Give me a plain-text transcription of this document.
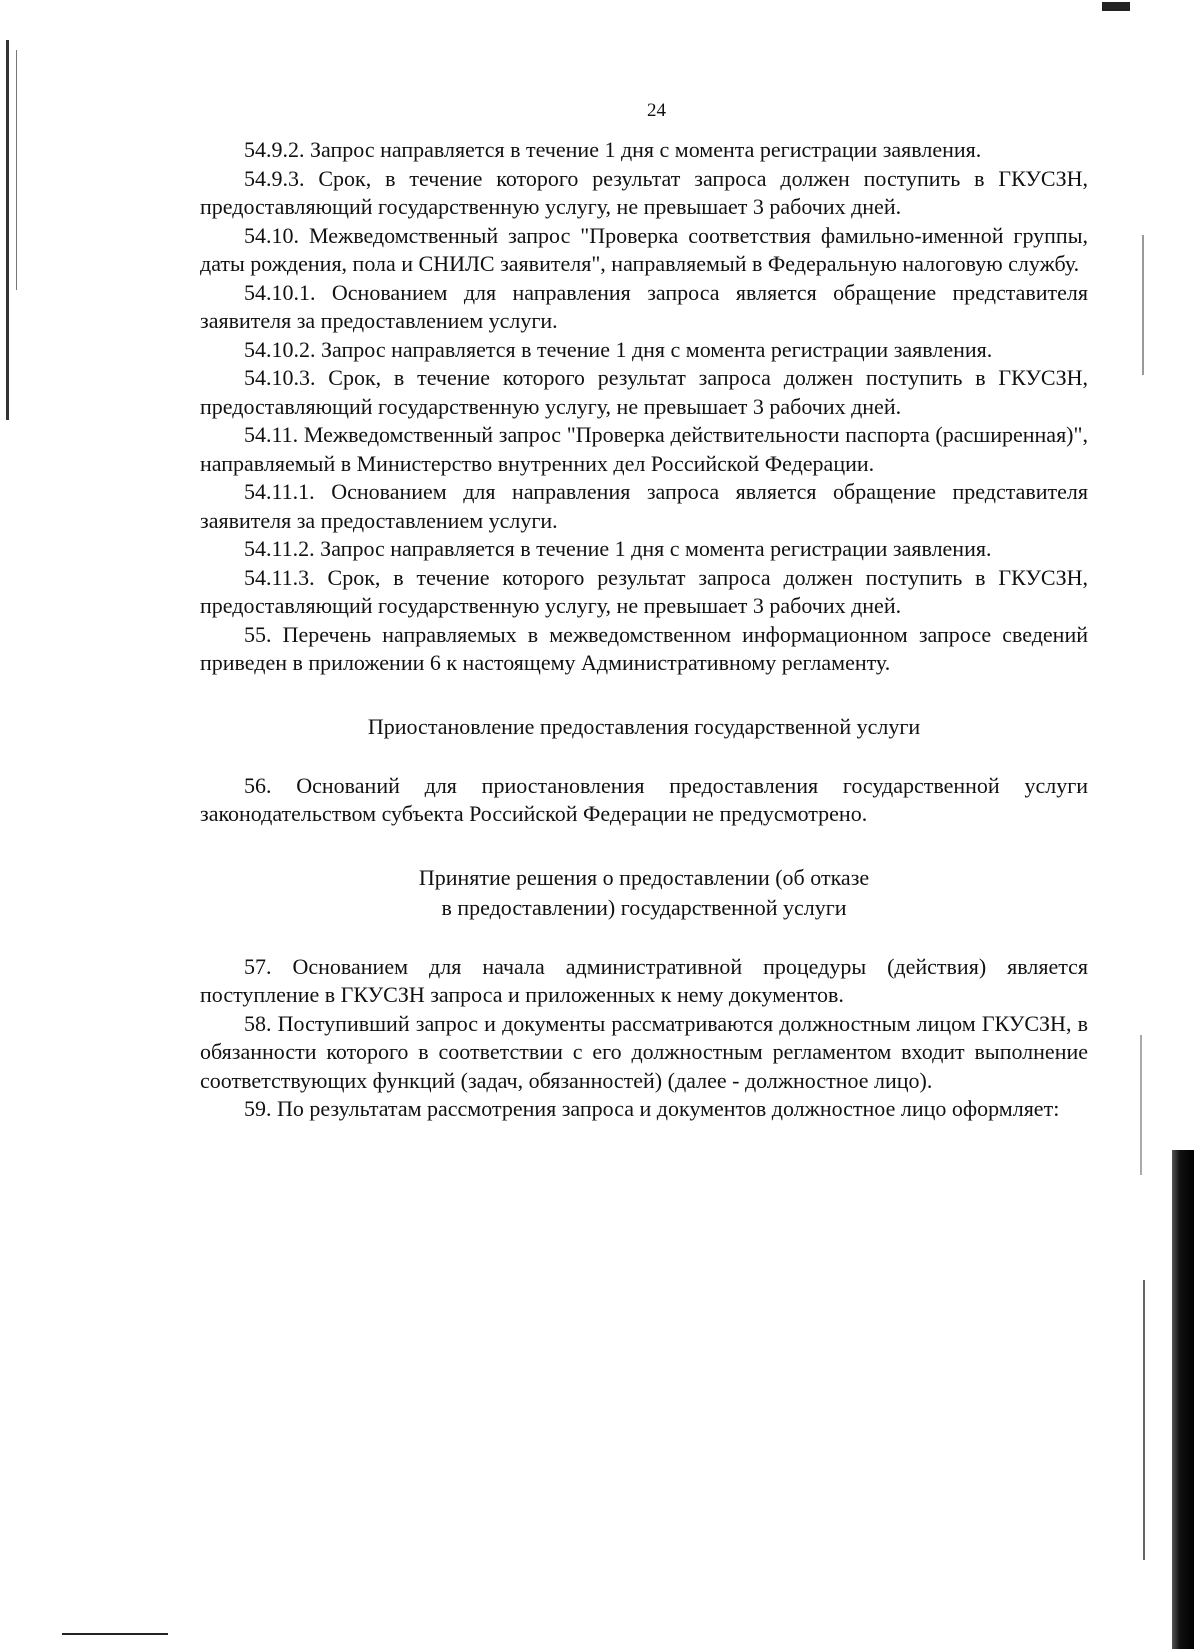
24

54.9.2. Запрос направляется в течение 1 дня с момента регистрации заявления.

54.9.3. Срок, в течение которого результат запроса должен поступить в ГКУСЗН, предоставляющий государственную услугу, не превышает 3 рабочих дней.

54.10. Межведомственный запрос "Проверка соответствия фамильно-именной группы, даты рождения, пола и СНИЛС заявителя", направляемый в Федеральную налоговую службу.

54.10.1. Основанием для направления запроса является обращение представителя заявителя за предоставлением услуги.

54.10.2. Запрос направляется в течение 1 дня с момента регистрации заявления.

54.10.3. Срок, в течение которого результат запроса должен поступить в ГКУСЗН, предоставляющий государственную услугу, не превышает 3 рабочих дней.

54.11. Межведомственный запрос "Проверка действительности паспорта (расширенная)", направляемый в Министерство внутренних дел Российской Федерации.

54.11.1. Основанием для направления запроса является обращение представителя заявителя за предоставлением услуги.

54.11.2. Запрос направляется в течение 1 дня с момента регистрации заявления.

54.11.3. Срок, в течение которого результат запроса должен поступить в ГКУСЗН, предоставляющий государственную услугу, не превышает 3 рабочих дней.

55. Перечень направляемых в межведомственном информационном запросе сведений приведен в приложении 6 к настоящему Административному регламенту.

Приостановление предоставления государственной услуги

56. Оснований для приостановления предоставления государственной услуги законодательством субъекта Российской Федерации не предусмотрено.

Принятие решения о предоставлении (об отказе

в предоставлении) государственной услуги

57. Основанием для начала административной процедуры (действия) является поступление в ГКУСЗН запроса и приложенных к нему документов.

58. Поступивший запрос и документы рассматриваются должностным лицом ГКУСЗН, в обязанности которого в соответствии с его должностным регламентом входит выполнение соответствующих функций (задач, обязанностей) (далее - должностное лицо).

59. По результатам рассмотрения запроса и документов должностное лицо оформляет:
